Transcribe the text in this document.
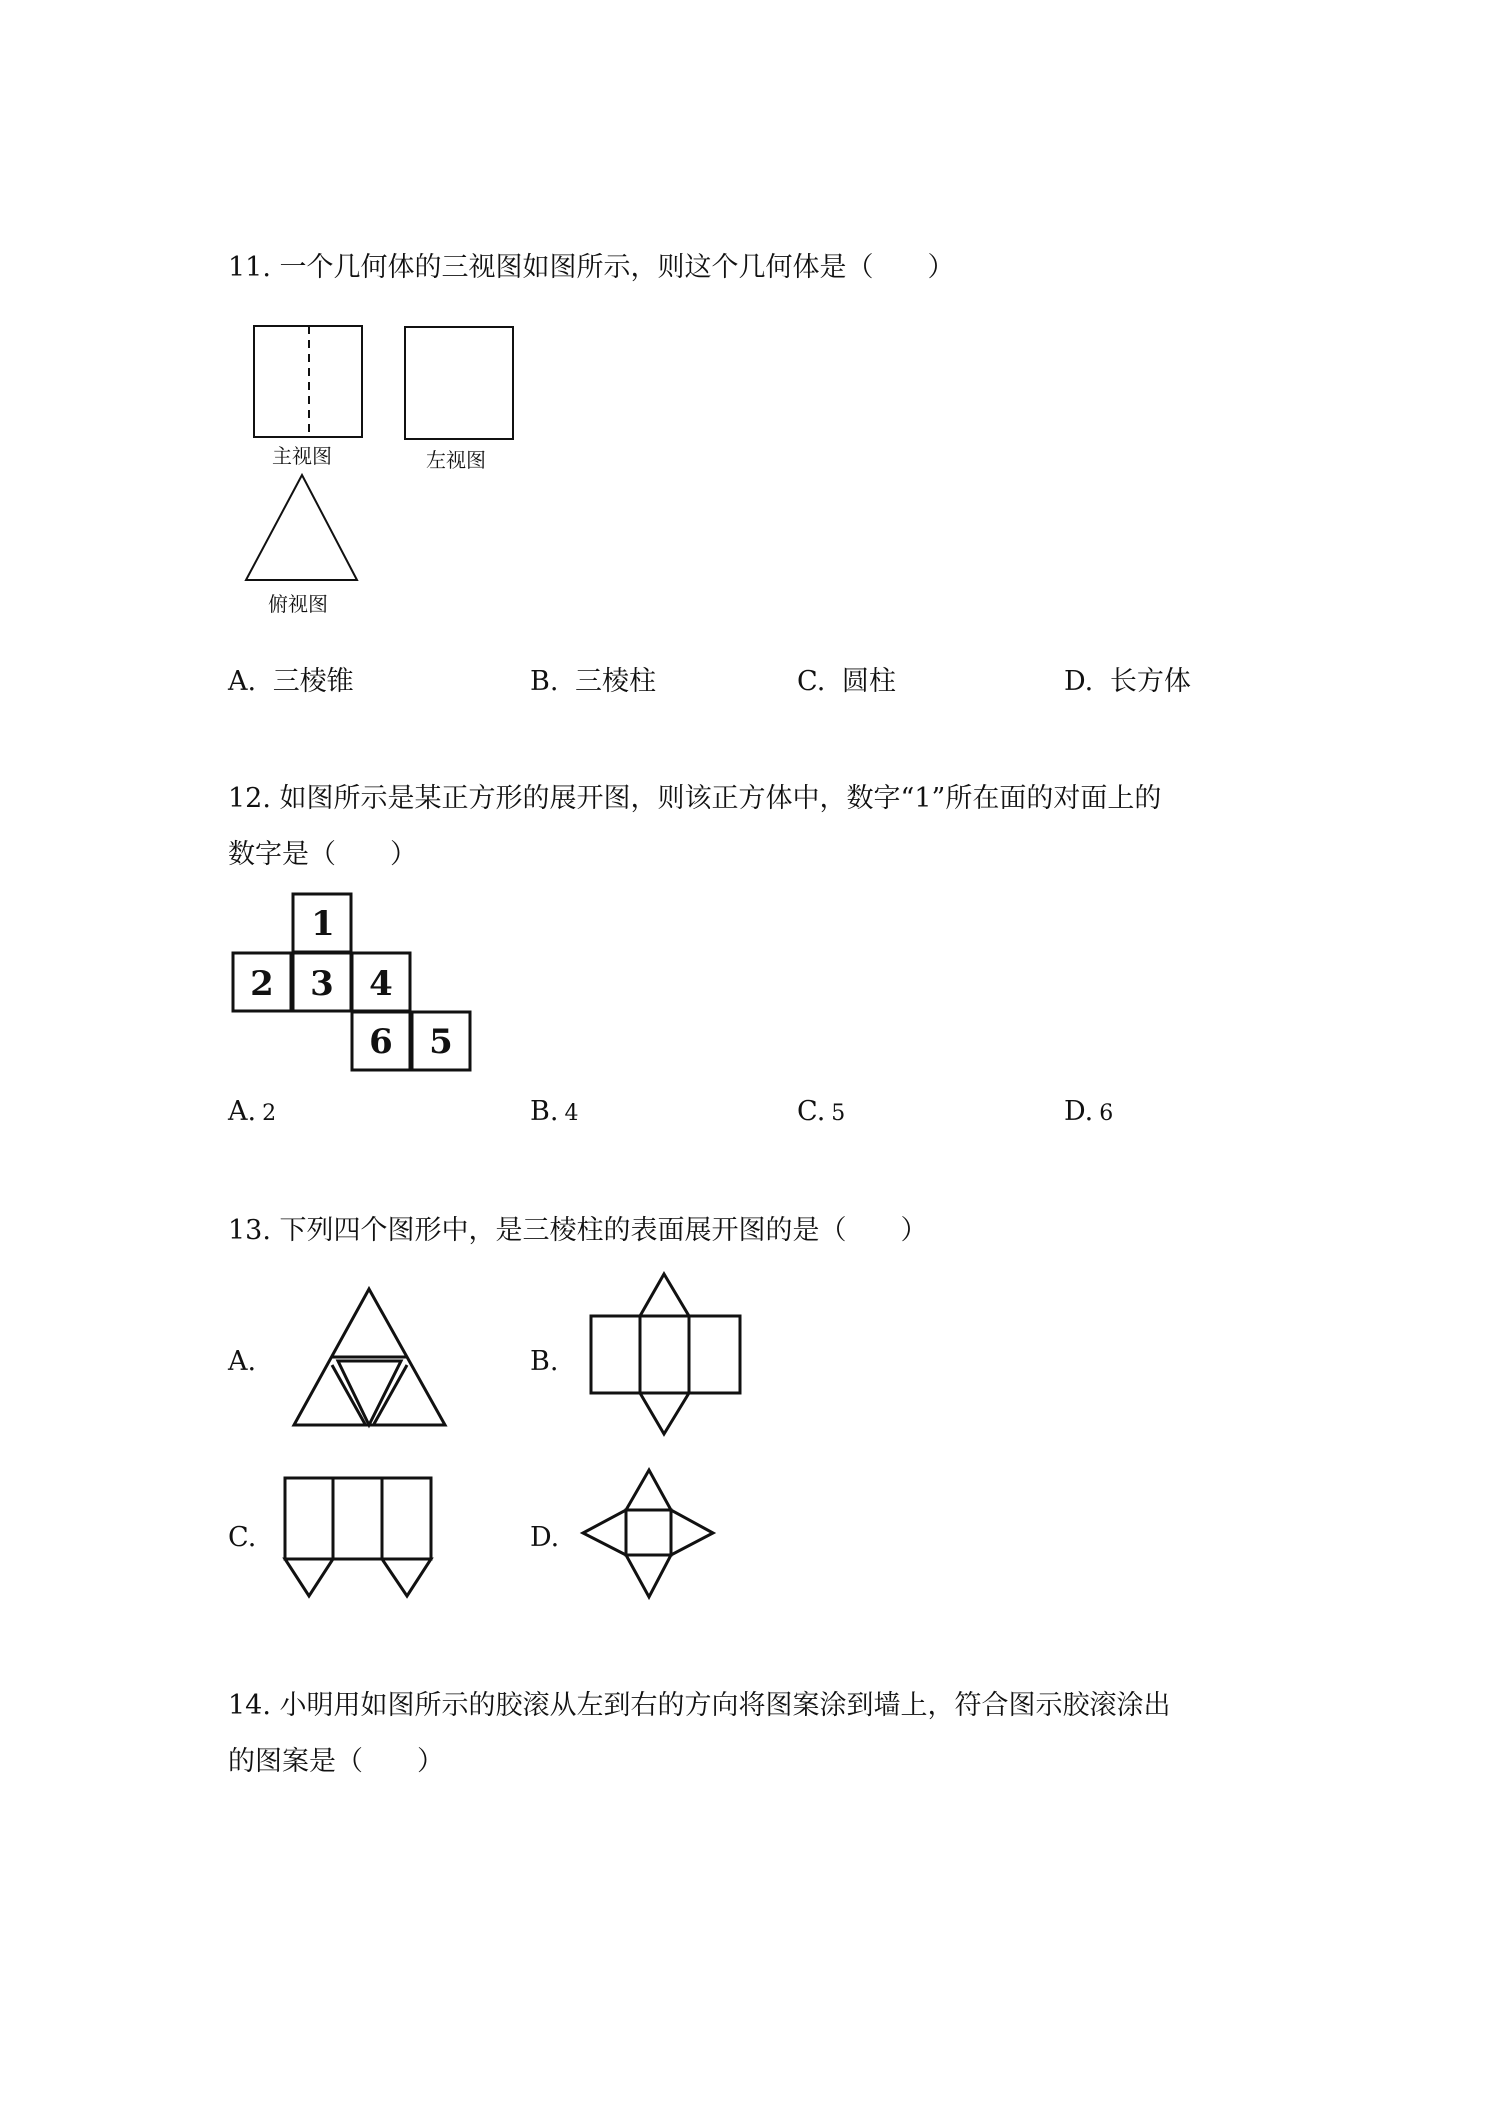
11. 一个几何体的三视图如图所示，则这个几何体是（　　）
主视图	左视图
俯视图
A. 三棱锥	B. 三棱柱	C. 圆柱	D. 长方体
12. 如图所示是某正方形的展开图，则该正方体中，数字“1”所在面的对面上的
数字是（　　）
1
2 3 4
6 5
A. 2	B. 4	C. 5	D. 6
13. 下列四个图形中，是三棱柱的表面展开图的是（　　）
A.	B.
C.	D.
14. 小明用如图所示的胶滚从左到右的方向将图案涂到墙上，符合图示胶滚涂出
的图案是（　　）
